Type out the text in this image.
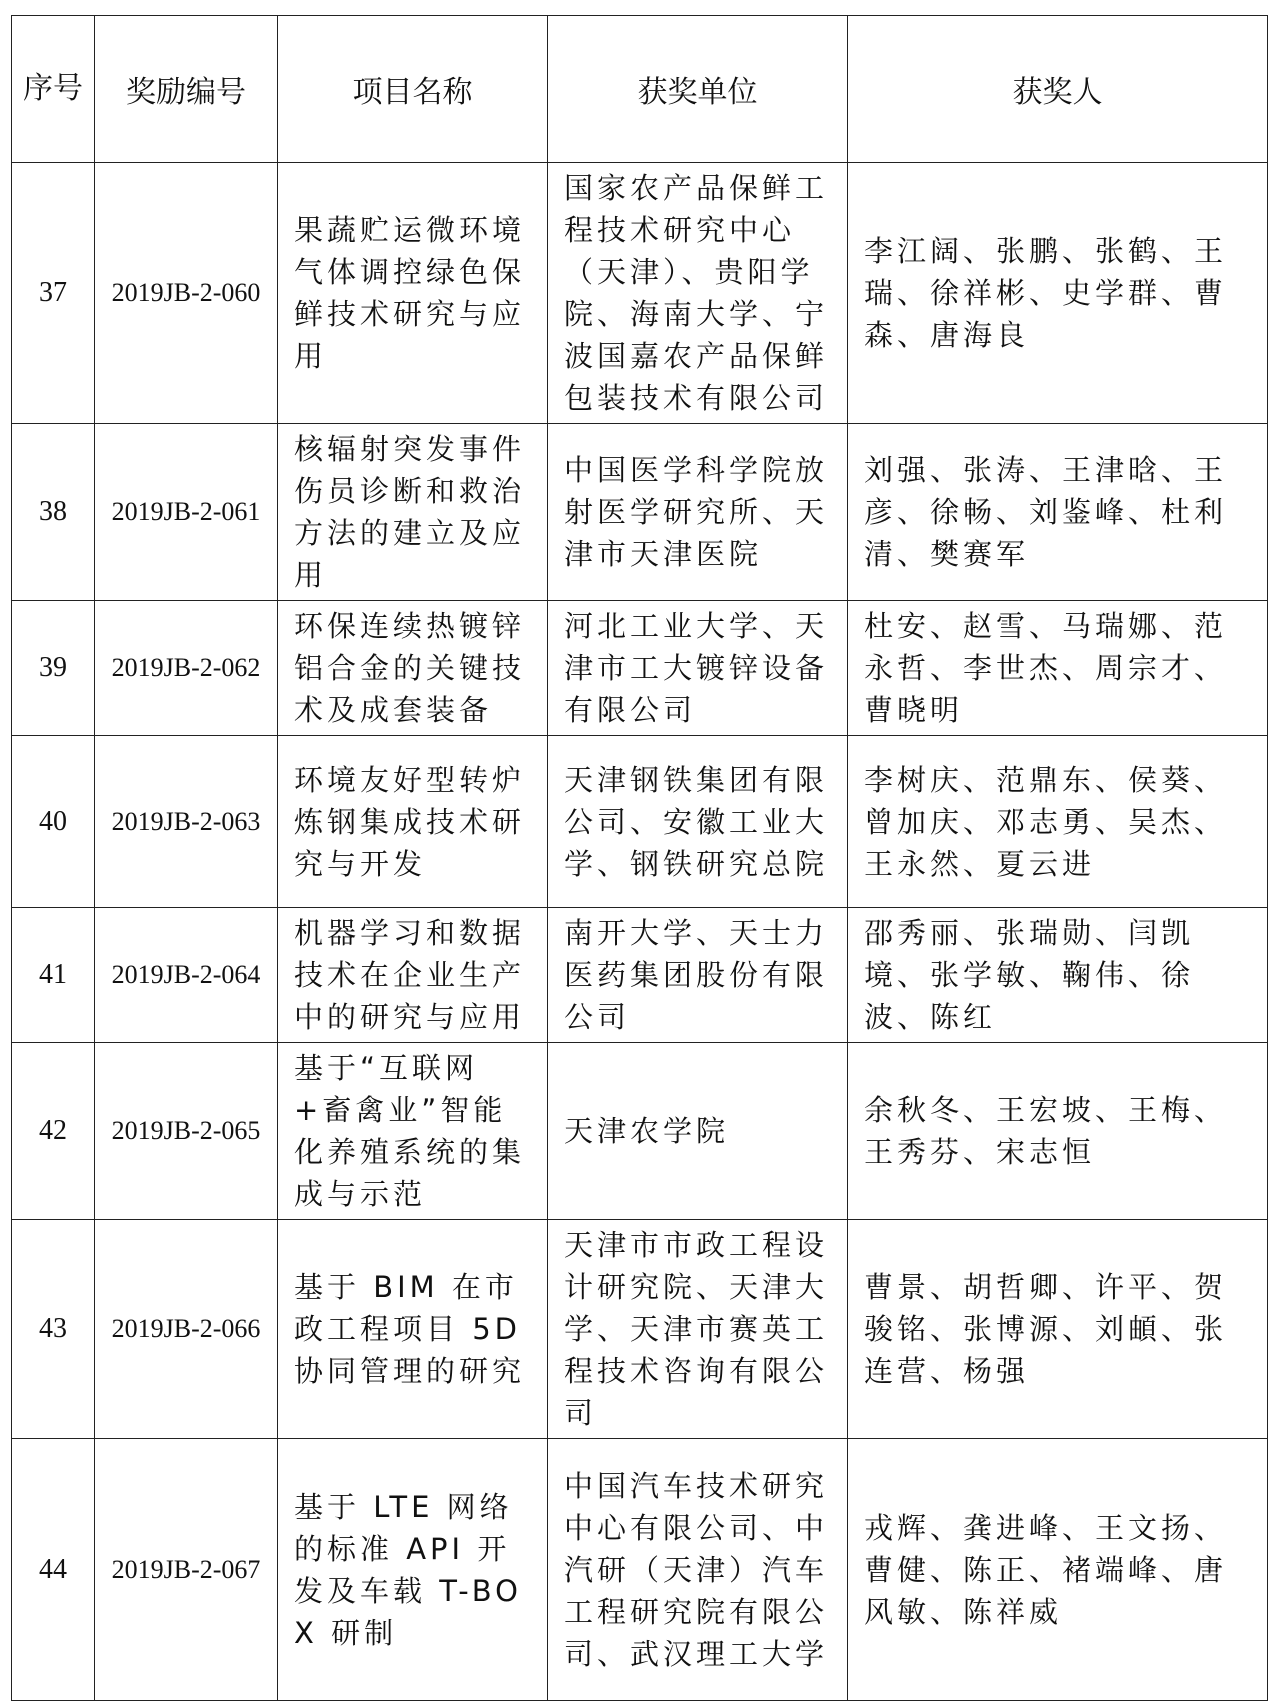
序号	奖励编号	项目名称	获奖单位	获奖人
37	2019JB-2-060	果蔬贮运微环境气体调控绿色保鲜技术研究与应用	国家农产品保鲜工程技术研究中心（天津）、贵阳学院、海南大学、宁波国嘉农产品保鲜包装技术有限公司	李江阔、张鹏、张鹤、王瑞、徐祥彬、史学群、曹森、唐海良
38	2019JB-2-061	核辐射突发事件伤员诊断和救治方法的建立及应用	中国医学科学院放射医学研究所、天津市天津医院	刘强、张涛、王津晗、王彦、徐畅、刘鉴峰、杜利清、樊赛军
39	2019JB-2-062	环保连续热镀锌铝合金的关键技术及成套装备	河北工业大学、天津市工大镀锌设备有限公司	杜安、赵雪、马瑞娜、范永哲、李世杰、周宗才、曹晓明
40	2019JB-2-063	环境友好型转炉炼钢集成技术研究与开发	天津钢铁集团有限公司、安徽工业大学、钢铁研究总院	李树庆、范鼎东、侯葵、曾加庆、邓志勇、吴杰、王永然、夏云进
41	2019JB-2-064	机器学习和数据技术在企业生产中的研究与应用	南开大学、天士力医药集团股份有限公司	邵秀丽、张瑞勋、闫凯境、张学敏、鞠伟、徐波、陈红
42	2019JB-2-065	基于“互联网+畜禽业”智能化养殖系统的集成与示范	天津农学院	余秋冬、王宏坡、王梅、王秀芬、宋志恒
43	2019JB-2-066	基于 BIM 在市政工程项目 5D 协同管理的研究	天津市市政工程设计研究院、天津大学、天津市赛英工程技术咨询有限公司	曹景、胡哲卿、许平、贺骏铭、张博源、刘頔、张连营、杨强
44	2019JB-2-067	基于 LTE 网络的标准 API 开发及车载 T-BOX 研制	中国汽车技术研究中心有限公司、中汽研（天津）汽车工程研究院有限公司、武汉理工大学	戎辉、龚进峰、王文扬、曹健、陈正、褚端峰、唐风敏、陈祥威
